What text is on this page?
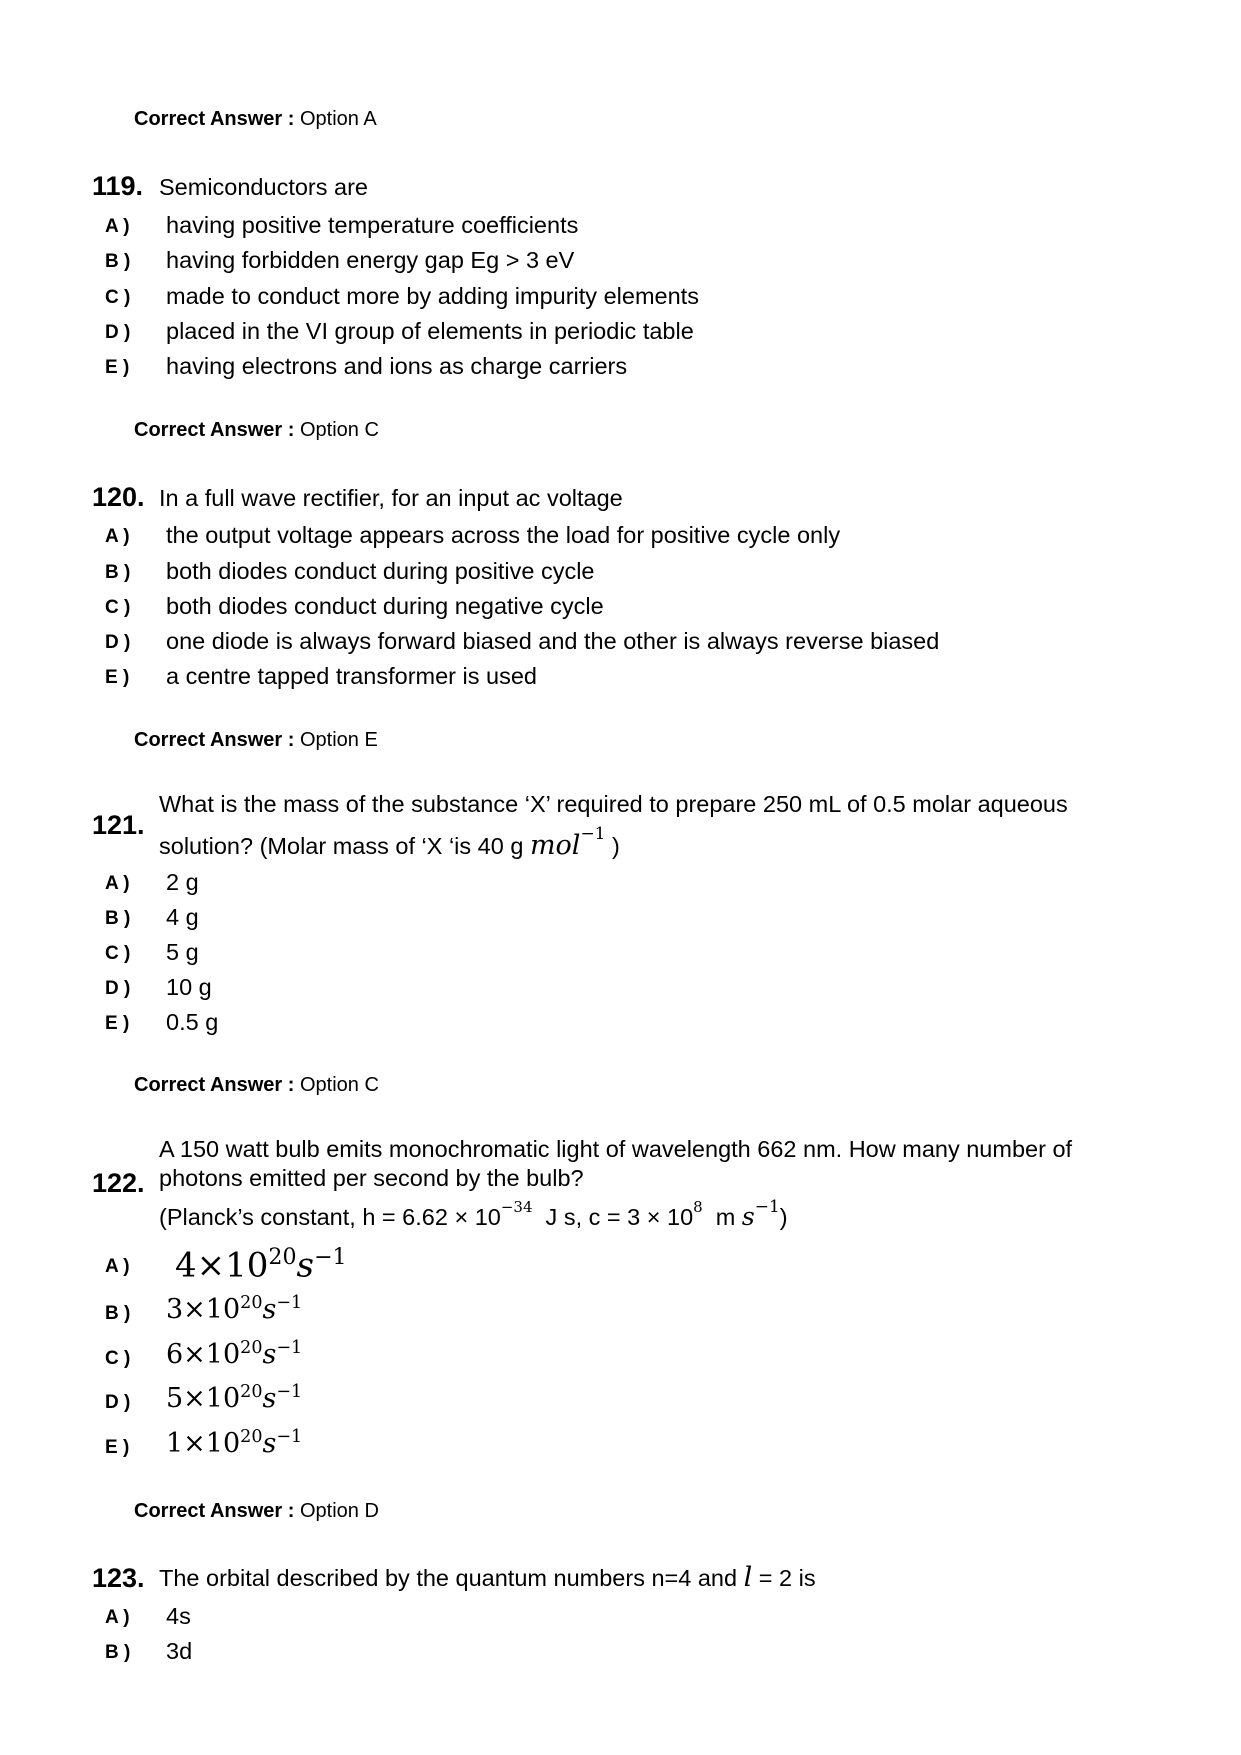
Correct Answer : Option A
119. Semiconductors are
A )	having positive temperature coefficients
B )	having forbidden energy gap Eg > 3 eV
C )	made to conduct more by adding impurity elements
D )	placed in the VI group of elements in periodic table
E )	having electrons and ions as charge carriers
Correct Answer : Option C
120. In a full wave rectifier, for an input ac voltage
A )	the output voltage appears across the load for positive cycle only
B )	both diodes conduct during positive cycle
C )	both diodes conduct during negative cycle
D )	one diode is always forward biased and the other is always reverse biased
E )	a centre tapped transformer is used
Correct Answer : Option E
121.
What is the mass of the substance ‘X’ required to prepare 250 mL of 0.5 molar aqueous
solution? (Molar mass of ‘X ‘is 40 g mol$^{-1}$ )
A )	2 g
B )	4 g
C )	5 g
D )	10 g
E )	0.5 g
Correct Answer : Option C
122.
A 150 watt bulb emits monochromatic light of wavelength 662 nm. How many number of
photons emitted per second by the bulb?
(Planck’s constant, $h = 6.62 \times 10^{-34}$  J s, $c = 3 \times 10^8$  m $s^{-1}$)
A )	$4\times 10^{20}s^{-1}$
B )	$3\times 10^{20}s^{-1}$
C )	$6\times 10^{20}s^{-1}$
D )	$5\times 10^{20}s^{-1}$
E )	$1\times 10^{20}s^{-1}$
Correct Answer : Option D
123. The orbital described by the quantum numbers n=4 and l = 2 is
A )	4s
B )	3d
